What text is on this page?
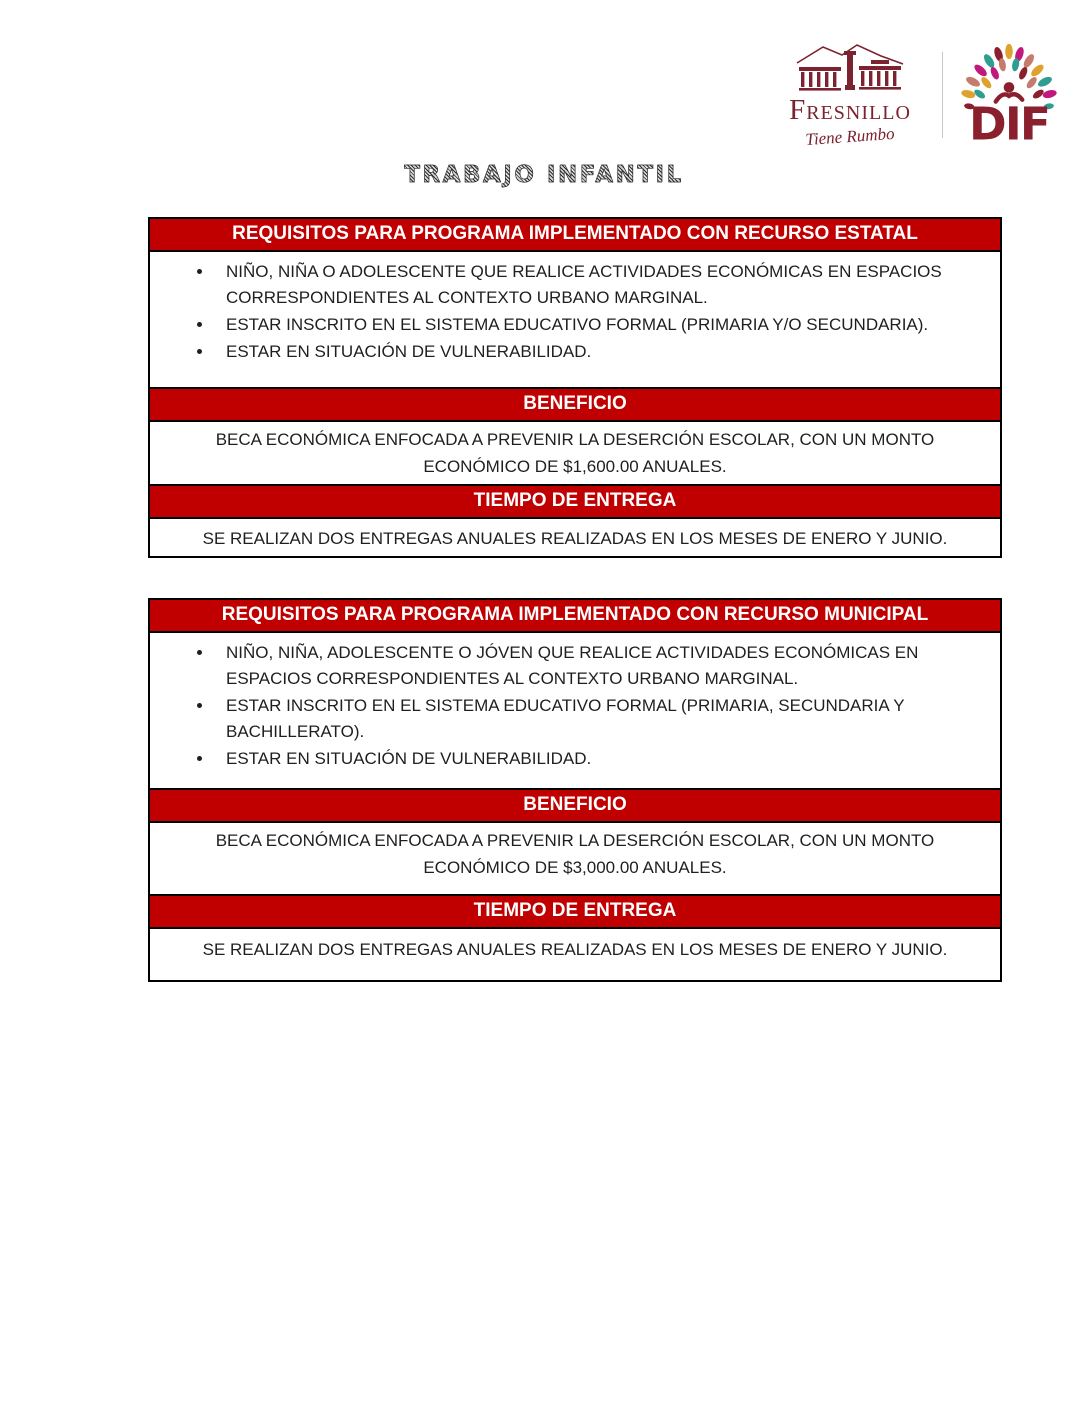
Fresnillo
Tiene Rumbo	DIF
TRABAJO INFANTIL
REQUISITOS PARA PROGRAMA IMPLEMENTADO CON RECURSO ESTATAL
• NIÑO, NIÑA O ADOLESCENTE QUE REALICE ACTIVIDADES ECONÓMICAS EN ESPACIOS CORRESPONDIENTES AL CONTEXTO URBANO MARGINAL.
• ESTAR INSCRITO EN EL SISTEMA EDUCATIVO FORMAL (PRIMARIA Y/O SECUNDARIA).
• ESTAR EN SITUACIÓN DE VULNERABILIDAD.
BENEFICIO
BECA ECONÓMICA ENFOCADA A PREVENIR LA DESERCIÓN ESCOLAR, CON UN MONTO ECONÓMICO DE $1,600.00 ANUALES.
TIEMPO DE ENTREGA
SE REALIZAN DOS ENTREGAS ANUALES REALIZADAS EN LOS MESES DE ENERO Y JUNIO.
REQUISITOS PARA PROGRAMA IMPLEMENTADO CON RECURSO MUNICIPAL
• NIÑO, NIÑA, ADOLESCENTE O JÓVEN QUE REALICE ACTIVIDADES ECONÓMICAS EN ESPACIOS CORRESPONDIENTES AL CONTEXTO URBANO MARGINAL.
• ESTAR INSCRITO EN EL SISTEMA EDUCATIVO FORMAL (PRIMARIA, SECUNDARIA Y BACHILLERATO).
• ESTAR EN SITUACIÓN DE VULNERABILIDAD.
BENEFICIO
BECA ECONÓMICA ENFOCADA A PREVENIR LA DESERCIÓN ESCOLAR, CON UN MONTO ECONÓMICO DE $3,000.00 ANUALES.
TIEMPO DE ENTREGA
SE REALIZAN DOS ENTREGAS ANUALES REALIZADAS EN LOS MESES DE ENERO Y JUNIO.
